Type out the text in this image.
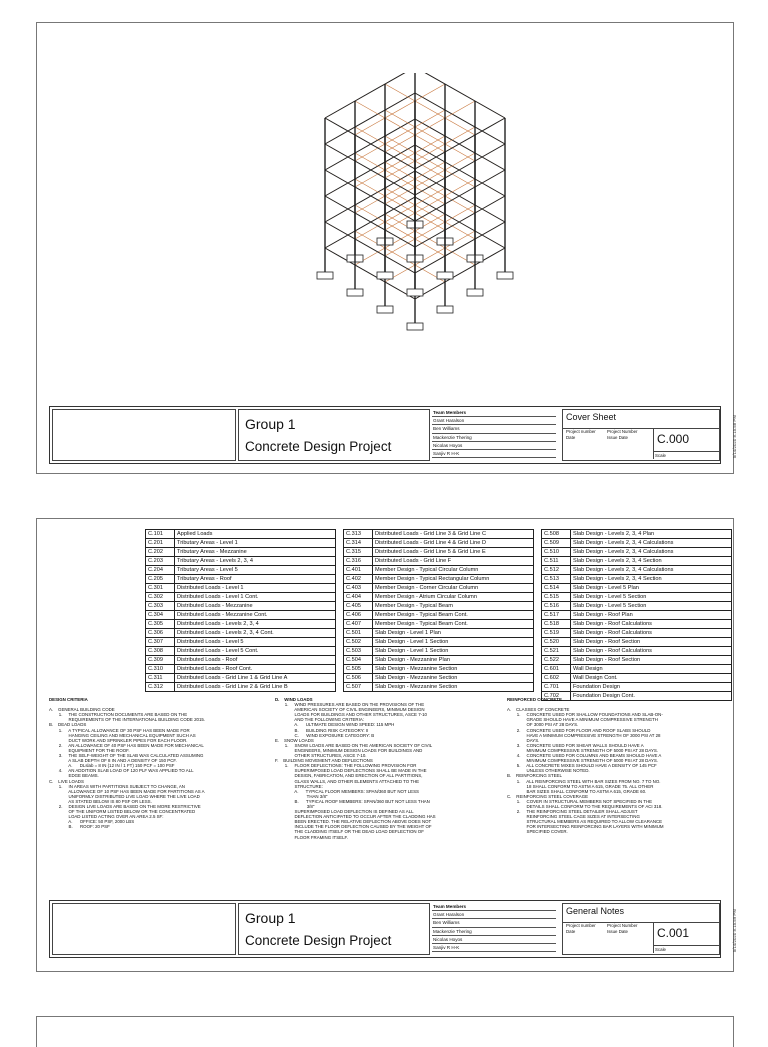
Group 1
Concrete Design Project
Team Members
Grant Haralson
Ben Williams
Mackenzie Thering
Nicolas Hoyos
Sanjiv R H-K
Cover Sheet
Project number	Project Number
Date	Issue Date C.000
Scale	5/14/2020 8:15:58 PM
C.101	Applied Loads
C.201	Tributary Areas - Level 1
C.202	Tributary Areas - Mezzanine
C.203	Tributary Areas - Levels 2, 3, 4
C.204	Tributary Areas - Level 5
C.205	Tributary Areas - Roof
C.301	Distributed Loads - Level 1
C.302	Distributed Loads - Level 1 Cont.
C.303	Distributed Loads - Mezzanine
C.304	Distributed Loads - Mezzanine Cont.
C.305	Distributed Loads - Levels 2, 3, 4
C.306	Distributed Loads - Levels 2, 3, 4 Cont.
C.307	Distributed Loads - Level 5
C.308	Distributed Loads - Level 5 Cont.
C.309	Distributed Loads - Roof
C.310	Distributed Loads - Roof Cont.
C.311	Distributed Loads - Grid Line 1 & Grid Line A
C.312	Distributed Loads - Grid Line 2 & Grid Line B
C.313	Distributed Loads - Grid Line 3 & Grid Line C
C.314	Distributed Loads - Grid Line 4 & Grid Line D
C.315	Distributed Loads - Grid Line 5 & Grid Line E
C.316	Distributed Loads - Grid Line F
C.401	Member Design - Typical Circular Column
C.402	Member Design - Typical Rectangular Column
C.403	Member Design - Corner Circular Column
C.404	Member Design - Atrium Circular Column
C.405	Member Design - Typical Beam
C.406	Member Design - Typical Beam Cont.
C.407	Member Design - Typical Beam Cont.
C.501	Slab Design - Level 1 Plan
C.502	Slab Design - Level 1 Section
C.503	Slab Design - Level 1 Section
C.504	Slab Design - Mezzanine Plan
C.505	Slab Design - Mezzanine Section
C.506	Slab Design - Mezzanine Section
C.507	Slab Design - Mezzanine Section
C.508	Slab Design - Levels 2, 3, 4 Plan
C.509	Slab Design - Levels 2, 3, 4 Calculations
C.510	Slab Design - Levels 2, 3, 4 Calculations
C.511	Slab Design - Levels 2, 3, 4 Section
C.512	Slab Design - Levels 2, 3, 4 Calculations
C.513	Slab Design - Levels 2, 3, 4 Section
C.514	Slab Design - Level 5 Plan
C.515	Slab Design - Level 5 Section
C.516	Slab Design - Level 5 Section
C.517	Slab Design - Roof Plan
C.518	Slab Design - Roof Calculations
C.519	Slab Design - Roof Calculations
C.520	Slab Design - Roof Section
C.521	Slab Design - Roof Calculations
C.522	Slab Design - Roof Section
C.601	Wall Design
C.602	Wall Design Cont.
C.701	Foundation Design
C.702	Foundation Design Cont.

DESIGN CRITERIA

A.    GENERAL BUILDING CODE

1.     THE CONSTRUCTION DOCUMENTS ARE BASED ON THE

REQUIREMENTS OF THE INTERNATIONAL BUILDING CODE 2015.

B.    DEAD LOADS

1.     A TYPICAL ALLOWANCE OF 30 PSF HAS BEEN MADE FOR

HANGING CEILING AND MECHANICAL EQUIPMENT SUCH AS

DUCT WORK AND SPRINKLER PIPES FOR EACH FLOOR.

2.     AN ALLOWANCE OF 40 PSF HAS BEEN MADE FOR MECHANICAL

EQUIPMENT FOR THE ROOF.

3.     THE SELF-WEIGHT OF THE SLAB WAS CALCULATED ASSUMING

A SLAB DEPTH OF 8 IN AND A DENSITY OF 150 PCF.

A.      DLslab = 8 IN (12 IN / 1 FT) 150 PCF = 100 PSF

4.     AN ADDITION SLAB LOAD OF 120 PLF WAS APPLIED TO ALL

EDGE BEAMS.

C.    LIVE LOADS

1.     IN AREAS WITH PARTITIONS SUBJECT TO CHANGE, AN

ALLOWANCE OF 10 PSF HAS BEEN MADE FOR PARTITIONS AS A

UNIFORMLY DISTRIBUTED LIVE LOAD WHERE THE LIVE LOAD

AS STATED BELOW IS 80 PSF OR LESS.

2.     DESIGN LIVE LOADS ARE BASED ON THE MORE RESTRICTIVE

OF THE UNIFORM LISTED BELOW OR THE CONCENTRATED

LOAD LISTED ACTING OVER AN AREA 2.5 SF:

A.      OFFICE: 50 PSF, 2000 LBS

B.      ROOF: 20 PSF

D.    WIND LOADS

1.     WIND PRESSURES ARE BASED ON THE PROVISIONS OF THE

AMERICAN SOCIETY OF CIVIL ENGINEERS, MINIMUM DESIGN

LOADS FOR BUILDINGS AND OTHER STRUCTURES, ASCE 7-10

AND THE FOLLOWING CRITERIA:

A.      ULTIMATE DESIGN WIND SPEED: 115 MPH

B.      BUILDING RISK CATEGORY: II

C.      WIND EXPOSURE CATEGORY: B

E.    SNOW LOADS

1.     SNOW LOADS ARE BASED ON THE AMERICAN SOCIETY OF CIVIL

ENGINEERS, MINIMUM DESIGN LOADS FOR BUILDINGS AND

OTHER STRUCTURES, ASCE 7-10.

F.    BUILDING MOVEMENT AND DEFLECTIONS

1.     FLOOR DEFLECTIONS: THE FOLLOWING PROVISION FOR

SUPERIMPOSED LOAD DEFLECTIONS SHALL BE MADE IN THE

DESIGN, FABRICATION, AND ERECTION OF ALL PARTITIONS,

GLASS WALLS, AND OTHER ELEMENTS ATTACHED TO THE

STRUCTURE:

A.      TYPICAL FLOOR MEMBERS: SPAN/360 BUT NOT LESS

THAN 3/8"

B.      TYPICAL ROOF MEMBERS: SPAN/360 BUT NOT LESS THAN

3/8"

SUPERIMPOSED LOAD DEFLECTION IS DEFINED AS ALL

DEFLECTION ANTICIPATED TO OCCUR AFTER THE CLADDING HAS

BEEN ERECTED. THE RELATIVE DEFLECTION ABOVE DOES NOT

INCLUDE THE FLOOR DEFLECTION CAUSED BY THE WEIGHT OF

THE CLADDING ITSELF OR THE DEAD LOAD DEFLECTION OF

FLOOR FRAMING ITSELF.

REINFORCED CONCRETE

A.    CLASSES OF CONCRETE

1.     CONCRETE USED FOR SHALLOW FOUNDATIONS AND SLAB-ON-

GRADE SHOULD HAVE A MINIMUM COMPRESSIVE STRENGTH

OF 3000 PSI AT 28 DAYS.

2.     CONCRETE USED FOR FLOOR AND ROOF SLABS SHOULD

HAVE A MINIMUM COMPRESSIVE STRENGTH OF 3000 PSI AT 28

DAYS.

3.     CONCRETE USED FOR SHEAR WALLS SHOULD HAVE A

MINIMUM COMPRESSIVE STRENGTH OF 5000 PSI AT 28 DAYS.

4.     CONCRETE USED FOR COLUMNS AND BEAMS SHOULD HAVE A

MINIMUM COMPRESSIVE STRENGTH OF 5000 PSI AT 28 DAYS.

5.     ALL CONCRETE MIXES SHOULD HAVE A DENSITY OF 145 PCF

UNLESS OTHERWISE NOTED.

B.    REINFORCING STEEL

1.     ALL REINFORCING STEEL WITH BAR SIZES FROM NO. 7 TO NO.

18 SHALL CONFORM TO ASTM A 615, GRADE 75. ALL OTHER

BAR SIZES SHALL CONFORM TO ASTM A 615, GRADE 60.

C.    REINFORCING STEEL COVERAGE

1.     COVER IN STRUCTURAL MEMBERS NOT SPECIFIED IN THE

DETAILS SHALL CONFORM TO THE REQUIREMENTS OF ACI 318.

2.     THE REINFORCING STEEL DETAILER SHALL ADJUST

REINFORCING STEEL CAGE SIZES AT INTERSECTING

STRUCTURAL MEMBERS AS REQUIRED TO ALLOW CLEARANCE

FOR INTERSECTING REINFORCING BAR LAYERS WITH MINIMUM

SPECIFIED COVER.

Group 1
Concrete Design Project
Team Members
Grant Haralson
Ben Williams
Mackenzie Thering
Nicolas Hoyos
Sanjiv R H-K
General Notes
Project number	Project Number
Date	Issue Date C.001
Scale	5/14/2020 8:15:59 PM
